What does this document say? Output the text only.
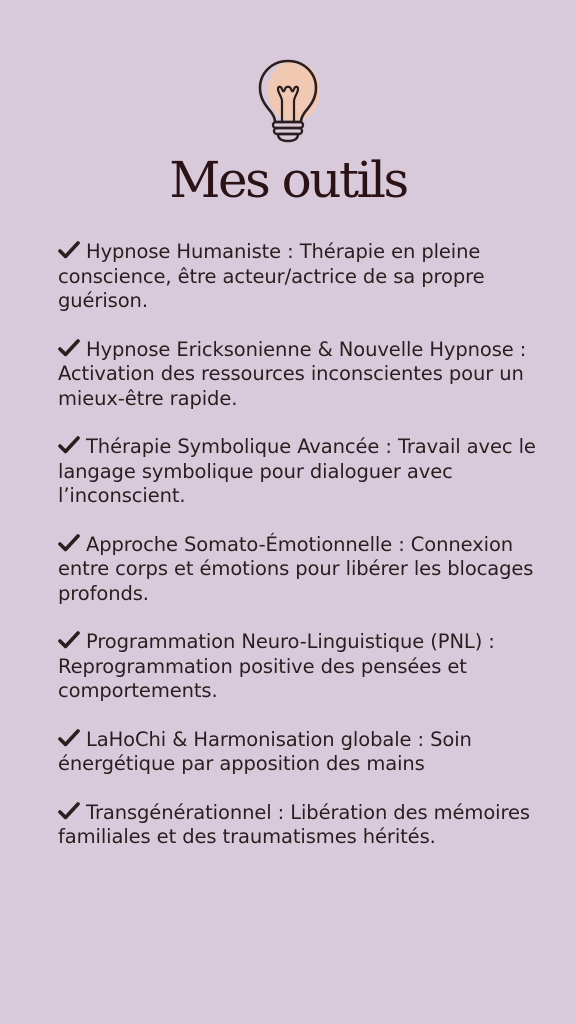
Mes outils
Hypnose Humaniste : Thérapie en pleine conscience, être acteur/actrice de sa propre guérison.
Hypnose Ericksonienne & Nouvelle Hypnose : Activation des ressources inconscientes pour un mieux-être rapide.
Thérapie Symbolique Avancée : Travail avec le langage symbolique pour dialoguer avec l’inconscient.
Approche Somato-Émotionnelle : Connexion entre corps et émotions pour libérer les blocages profonds.
Programmation Neuro-Linguistique (PNL) : Reprogrammation positive des pensées et comportements.
LaHoChi & Harmonisation globale : Soin énergétique par apposition des mains
Transgénérationnel : Libération des mémoires familiales et des traumatismes hérités.
